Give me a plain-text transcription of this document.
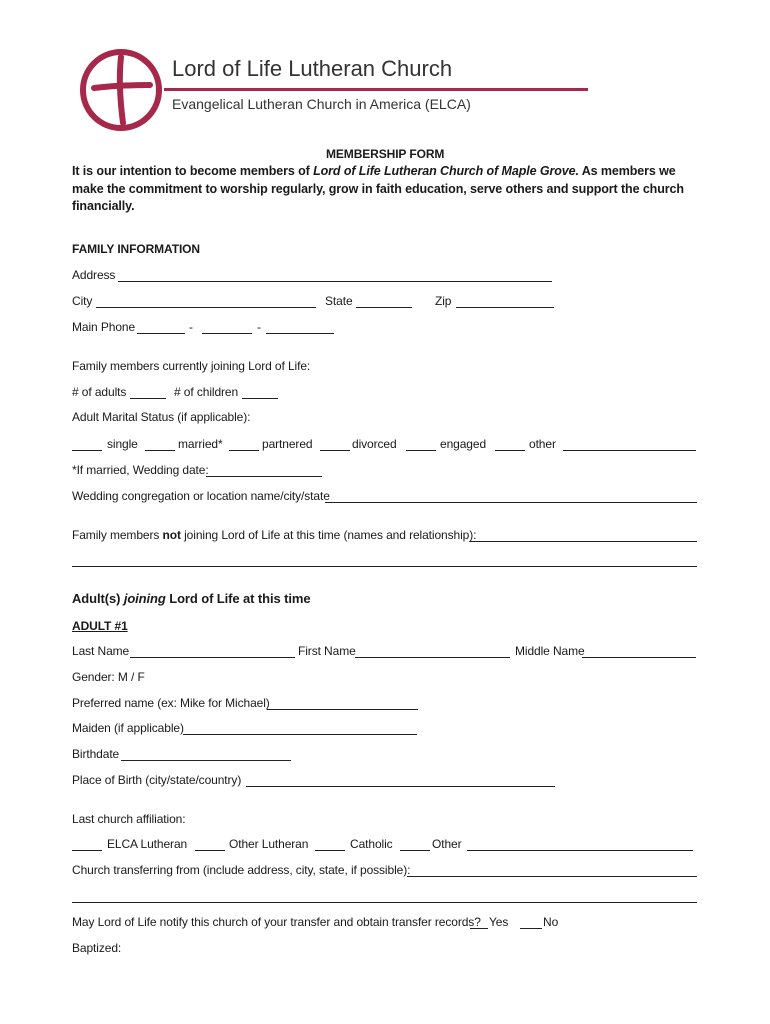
Lord of Life Lutheran Church
Evangelical Lutheran Church in America (ELCA)
MEMBERSHIP FORM
It is our intention to become members of Lord of Life Lutheran Church of Maple Grove. As members we
make the commitment to worship regularly, grow in faith education, serve others and support the church
financially.
FAMILY INFORMATION
Address
City	State	Zip
Main Phone	-	-
Family members currently joining Lord of Life:
# of adults	# of children
Adult Marital Status (if applicable):
single	married*	partnered	divorced	engaged	other
*If married, Wedding date:
Wedding congregation or location name/city/state
Family members not joining Lord of Life at this time (names and relationship):
Adult(s) joining Lord of Life at this time
ADULT #1
Last Name	First Name	Middle Name
Gender: M / F
Preferred name (ex: Mike for Michael)
Maiden (if applicable)
Birthdate
Place of Birth (city/state/country)
Last church affiliation:
ELCA Lutheran	Other Lutheran	Catholic	Other
Church transferring from (include address, city, state, if possible):
May Lord of Life notify this church of your transfer and obtain transfer records? Yes	No
Baptized:
